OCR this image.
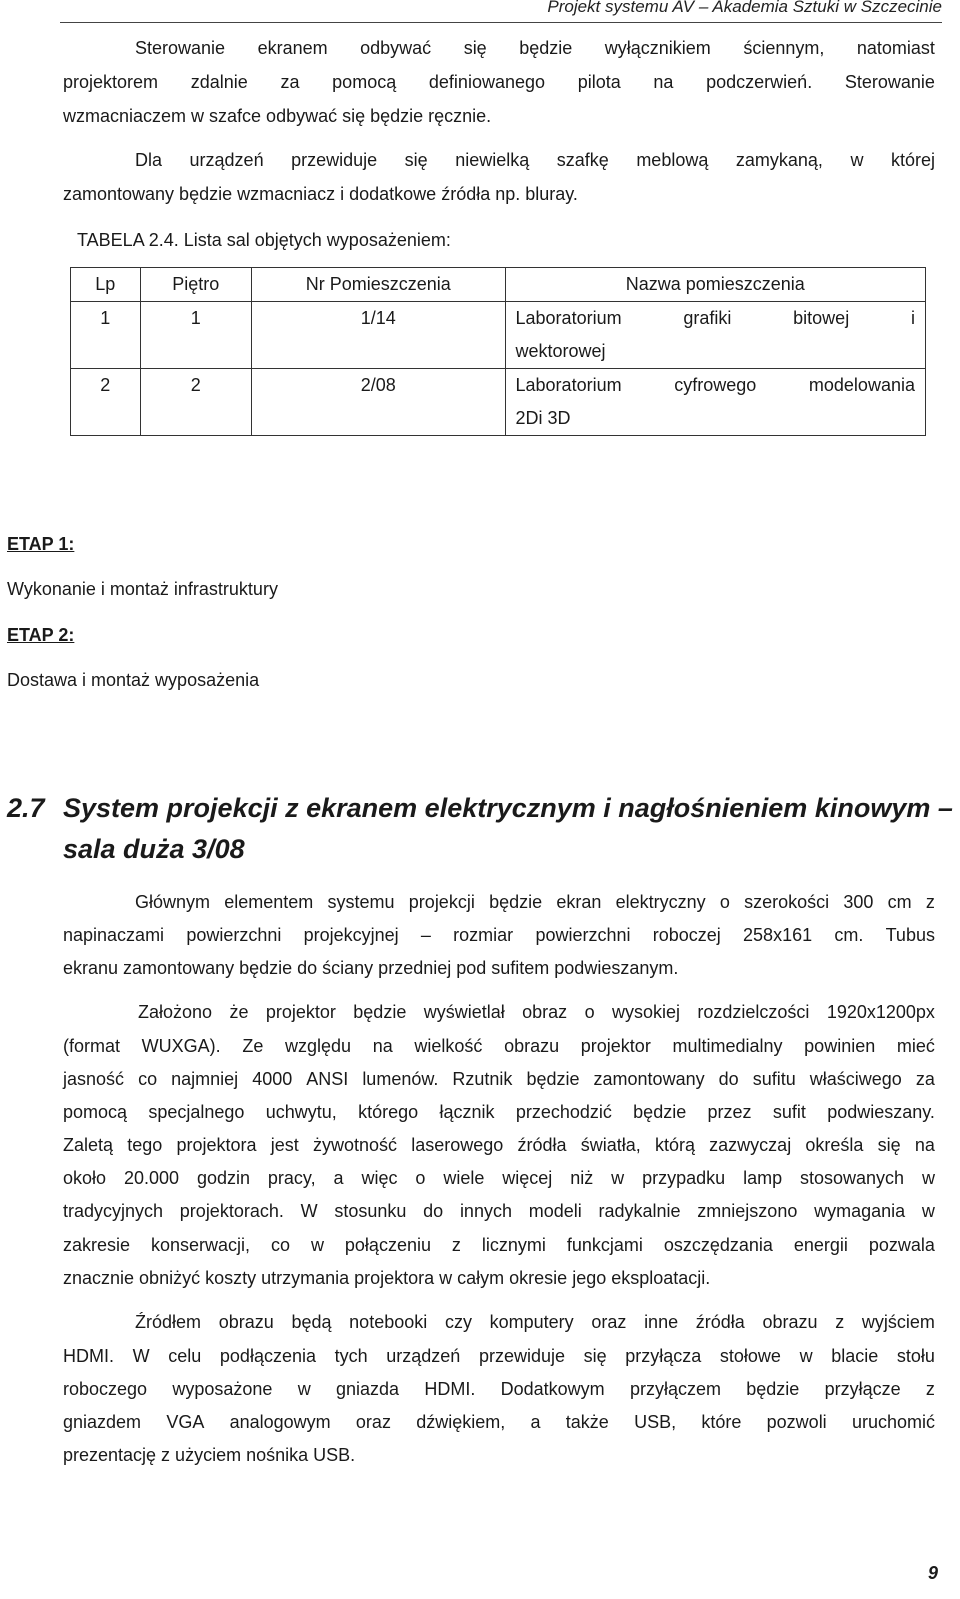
Projekt systemu AV – Akademia Sztuki w Szczecinie
Sterowanie ekranem odbywać się będzie wyłącznikiem ściennym, natomiast
projektorem zdalnie za pomocą definiowanego pilota na podczerwień. Sterowanie
wzmacniaczem w szafce odbywać się będzie ręcznie.
Dla urządzeń przewiduje się niewielką szafkę meblową zamykaną, w której
zamontowany będzie wzmacniacz i dodatkowe źródła np. bluray.
TABELA 2.4. Lista sal objętych wyposażeniem:
Lp	Piętro	Nr Pomieszczenia	Nazwa pomieszczenia
1	1	1/14	Laboratorium grafiki bitowej i
wektorowej

2	2	2/08	Laboratorium cyfrowego modelowania
2Di 3D
ETAP 1:
Wykonanie i montaż infrastruktury
ETAP 2:
Dostawa i montaż wyposażenia
2.7 System projekcji z ekranem elektrycznym i nagłośnieniem kinowym –
sala duża 3/08
Głównym elementem systemu projekcji będzie ekran elektryczny o szerokości 300 cm z
napinaczami powierzchni projekcyjnej – rozmiar powierzchni roboczej 258x161 cm. Tubus
ekranu zamontowany będzie do ściany przedniej pod sufitem podwieszanym.
Założono że projektor będzie wyświetlał obraz o wysokiej rozdzielczości 1920x1200px
(format WUXGA). Ze względu na wielkość obrazu projektor multimedialny powinien mieć
jasność co najmniej 4000 ANSI lumenów. Rzutnik będzie zamontowany do sufitu właściwego za
pomocą specjalnego uchwytu, którego łącznik przechodzić będzie przez sufit podwieszany.
Zaletą tego projektora jest żywotność laserowego źródła światła, którą zazwyczaj określa się na
około 20.000 godzin pracy, a więc o wiele więcej niż w przypadku lamp stosowanych w
tradycyjnych projektorach. W stosunku do innych modeli radykalnie zmniejszono wymagania w
zakresie konserwacji, co w połączeniu z licznymi funkcjami oszczędzania energii pozwala
znacznie obniżyć koszty utrzymania projektora w całym okresie jego eksploatacji.
Źródłem obrazu będą notebooki czy komputery oraz inne źródła obrazu z wyjściem
HDMI. W celu podłączenia tych urządzeń przewiduje się przyłącza stołowe w blacie stołu
roboczego wyposażone w gniazda HDMI. Dodatkowym przyłączem będzie przyłącze z
gniazdem VGA analogowym oraz dźwiękiem, a także USB, które pozwoli uruchomić
prezentację z użyciem nośnika USB.
9
